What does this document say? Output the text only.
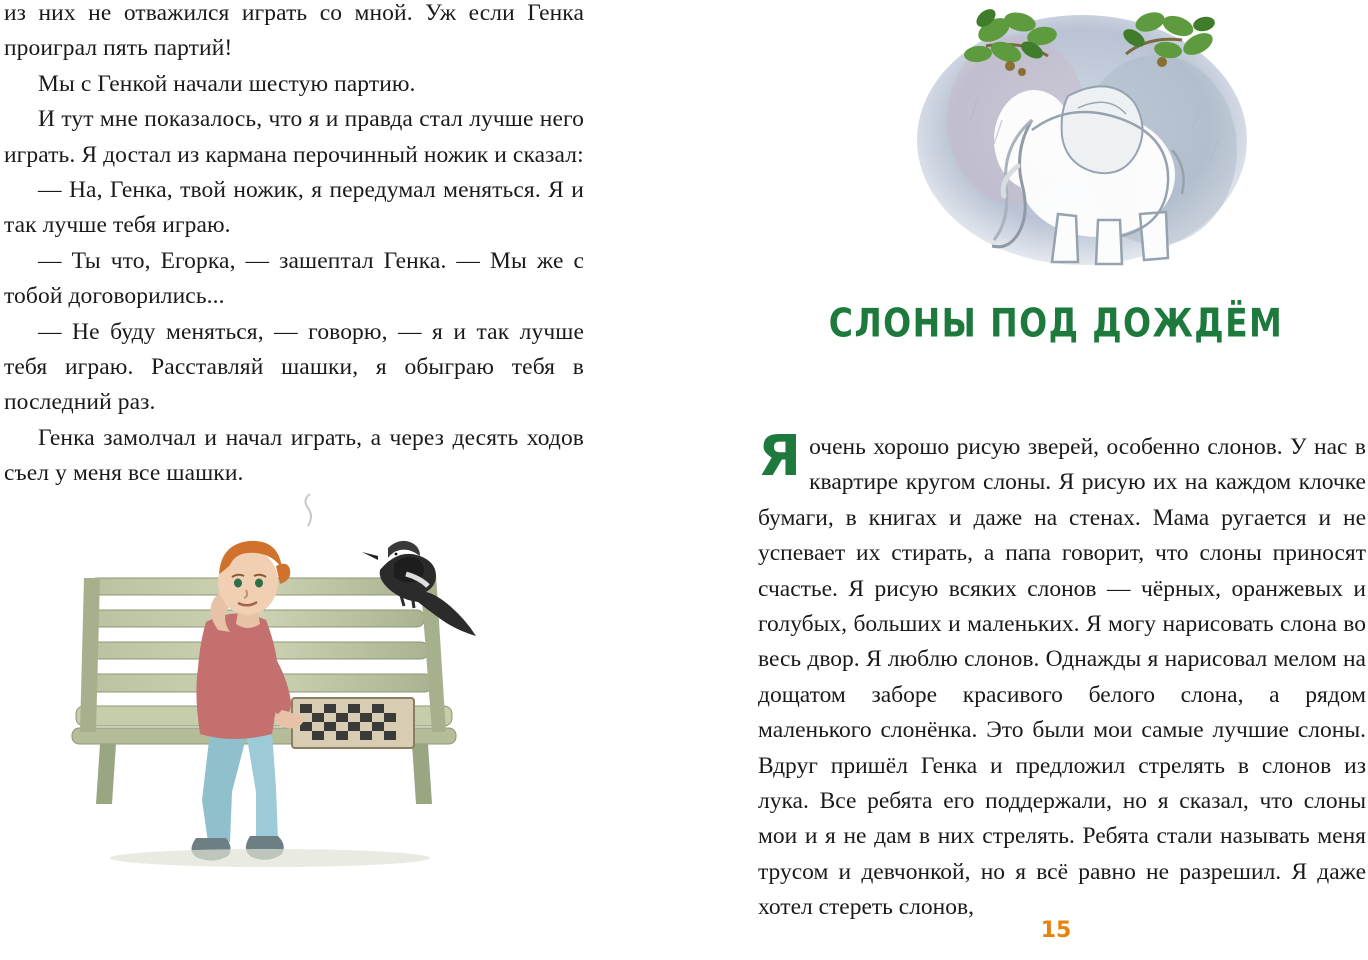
из них не отважился играть со мной. Уж если Генка проиграл пять партий!

Мы с Генкой начали шестую партию.

И тут мне показалось, что я и правда стал лучше него играть. Я достал из кармана перочинный ножик и сказал:

— На, Генка, твой ножик, я передумал меняться. Я и так лучше тебя играю.

— Ты что, Егорка, — зашептал Генка. — Мы же с тобой договорились...

— Не буду меняться, — говорю, — я и так лучше тебя играю. Расставляй шашки, я обыграю тебя в последний раз.

Генка замолчал и начал играть, а через десять ходов съел у меня все шашки.

СЛОНЫ ПОД ДОЖДЁМ

Яочень хорошо рисую зверей, особенно слонов. У нас в квартире кругом слоны. Я рисую их на каждом клочке бумаги, в книгах и даже на стенах. Мама ругается и не успевает их стирать, а папа говорит, что слоны приносят счастье. Я рисую всяких слонов — чёрных, оранжевых и голубых, больших и маленьких. Я могу нарисовать слона во весь двор. Я люблю слонов. Однажды я нарисовал мелом на дощатом заборе красивого белого слона, а рядом маленького слонёнка. Это были мои самые лучшие слоны. Вдруг пришёл Генка и предложил стрелять в слонов из лука. Все ребята его поддержали, но я сказал, что слоны мои и я не дам в них стрелять. Ребята стали называть меня трусом и девчонкой, но я всё равно не разрешил. Я даже хотел стереть слонов,

15
